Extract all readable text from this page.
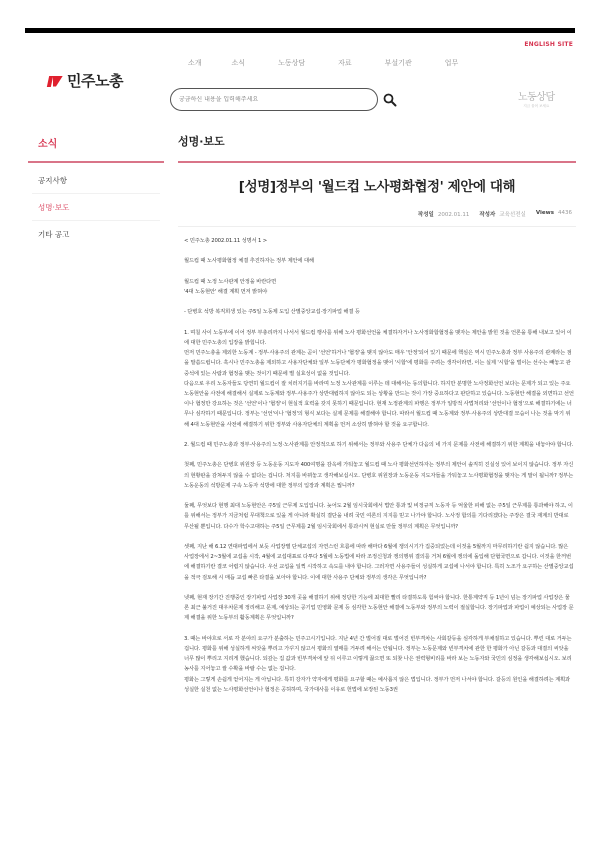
ENGLISH SITE
민주노총
소개	소식	노동상담	자료	부설기관	업무
궁금하신 내용을 입력해주세요
노동상담
지금 물어 보세요
소식
공지사항
성명·보도
기타 공고
성명·보도
[성명]정부의 '월드컵 노사평화협정' 제안에 대해
작성일 2002.01.11 작성자 교육선전실 Views 4436

< 민주노총 2002.01.11 성명서 1 >

월드컵 때 노사평화협정 체결 추진하자는 정부 제안에 대해

월드컵 때 노정 노사관계 안정을 바란다면

'4대 노동현안' 해결 계획 먼저 밝혀야

- 단병호 석방 복직희생 있는 주5일 노동제 도입 산별중앙교섭·장기파업 해결 등

1. 며칠 사이 노동부에 이어 정부 부총리까지 나서서 월드컵 행사를 위해 노사 평화선언을 체결하자거나 노사정화합협정을 맺자는 제안을 밝힌 것을 언론을 통해 내보고 있어 이에 대한 민주노총의 입장을 밝힙니다.

먼저 민주노총을 제외한 노동계 - 정부·사용주의 관계는 곧이 '선언'하거나 '협정'을 맺지 않아도 매우 '안정'되어 있기 때문에 핵심은 역시 민주노총과 정부 사용주의 관계라는 점을 말씀드립니다. 혹시나 민주노총을 제외하고 사용자단체와 일부 노동단체가 평화협정을 맺어 '시합'에 평화를 주려는 생각이라면, 이는 실제 '시합'을 벌이는 선수는 빼놓고 관중석에 있는 사람과 협정을 맺는 것이기 때문에 별 실효성이 없을 것입니다.

다음으로 우리 노동자들도 당연히 월드컵이 잘 치러지기를 바라며 노정 노사관계를 이루는 데 대해서는 동의합니다. 하지만 분명한 노사정화선언 보다는 문제가 되고 있는 주요 노동현안을 사전에 해결해서 실제로 노동계와 정부·사용주가 상반대립하지 않아도 되는 상황을 만드는 것이 가장 중요하다고 판단하고 있습니다. 노동현안 해결을 외면하고 선언이나 협정만 강요하는 것은 '선언'이나 '협정'이 현실적 효력을 갖지 못하기 때문입니다. 현재 노정관계의 파행은 정부가 일방적 사법처리와 '선언이나 협정'으로 해결하기에는 너무나 심각하기 때문입니다. 정부는 '선언'이나 '협정'의 형식 보다는 실제 문제를 해결해야 합니다. 따라서 월드컵 때 노동계와 정부·사용주의 상반대결 모습이 나는 것을 막기 위해 4대 노동현안을 사전에 해결하기 위한 정부와 사용자단체의 계획을 먼저 소상히 밝혀야 할 것을 요구합니다.

2. 월드컵 때 민주노총과 정부·사용주의 노정·노사관계를 안정적으로 하기 위해서는 정부와 사용주 단체가 다음의 네 가지 문제를 사전에 해결하기 위한 계획을 내놓아야 합니다.

첫째, 민주노총은 단병호 위원장 등 노동운동 지도자 400여명을 감옥에 가둬놓고 월드컵 때 노사 평화선언하자는 정부의 제안이 솔직히 진실성 있어 보이지 않습니다. 정부 자신의 현황판을 감쳐두지 않을 수 없다는 겁니다. 처지를 바꿔놓고 생각해보십시오. 단병호 위원장과 노동운동 지도자들을 가둬놓고 노사평화협정을 맺자는 게 말이 됩니까? 정부는 노동운동의 석방문제 구속 노동자 석방에 대한 정부의 입장과 계획은 뭡니까?

둘째, 무엇보다 현행 최대 노동현안은 주5일 근무제 도입입니다. 늦어도 2월 임시국회에서 법안 통과 및 비정규직 노동자 등 억울한 피해 없는 주5일 근무제를 통과해야 하고, 이를 위해서는 정부가 지금처럼 무대책으로 있을 게 아니라 확실히 결단을 내려 국민 여론의 지지를 믿고 나가야 합니다. 노사정 합의를 기다리겠다는 주장은 결국 재계의 반대로 무산될 뿐입니다. 다수가 학수고대하는 주5일 근무제를 2월 임시국회에서 통과시켜 현실로 만들 정부의 계획은 무엇입니까?

셋째, 지난 해 6.12 연대파업에서 보듯 사업장별 단체교섭의 자연스런 흐름에 따라 해마다 6월에 쟁의시기가 집중되었는데 이것을 5월까지 마무리하기란 쉽지 않습니다. 많은 사업장에서 2~3월에 교섭을 시작, 4월에 교섭대표로 다투다 5월에 노동법에 따라 조정신청과 쟁의행위 결의를 거쳐 6월에 쟁의에 돌입해 단협국면으로 갑니다. 이것을 한꺼번에 해결하기란 결코 어렵지 않습니다. 우선 교섭을 일찍 시작하고 속도를 내야 합니다. 그러자면 사용주들이 성실하게 교섭에 나서야 합니다. 특히 노조가 요구하는 산별중앙교섭을 적극 검토해 시 매듭 교섭 빠른 타결을 보아야 합니다. 이에 대한 사용주 단체와 정부의 생각은 무엇입니까?

넷째, 현재 장기간 진행중인 장기파업 사업장 30개 곳을 해결하기 위해 정당한 기능에 최대한 빨리 타결하도록 힘써야 합니다. 한통계약직 등 1년이 넘는 장기파업 사업장은 물론 최근 불거진 대우차문제 정리해고 문제, 예상되는 공기업 민영화 문제 등 심각한 노동현안 해결에 노동부와 정부의 노력이 절실합니다. 장기파업과 파업이 예상되는 사업장 문제 해결을 위한 노동부의 활동계획은 무엇입니까?

3. 때는 바야흐로 서로 각 분야의 요구가 분출하는 민주고시기입니다. 지난 4년 간 벌어질 대로 벌어진 빈부격차는 사회갈등을 심각하게 부채질하고 있습니다. 뿌린 대로 거두는 겁니다. 평화를 위해 성실하게 씨앗을 뿌리고 가꾸지 않고서 평화의 열매를 거두려 해서는 안됩니다. 정부는 노동문제와 빈부격차에 관한 한 평화가 아닌 갈등과 대결의 씨앗을 너무 많이 뿌리고 지리게 했습니다. 되갚는 집 값과 빈부격차에 앞 뒤 이루고 이렇게 끓으면 또 되찾 나은 권력형비리를 바라 보는 노동자와 국민의 심정을 생각해보십시오. 보리농사를 지어놓고 쌀 수확을 바랄 수는 없는 겁니다.

평화는 그렇게 손쉽게 얻어지는 게 아닙니다. 특히 강자가 약자에게 평화를 요구할 때는 예사롭지 않은 법입니다. 정부가 먼저 나서야 합니다. 갈등의 원인을 해결하려는 계획과 성실한 실천 없는 노사평화선언이나 협정은 공허하며, 국가대사를 이유로 헌법에 보장된 노동3권
